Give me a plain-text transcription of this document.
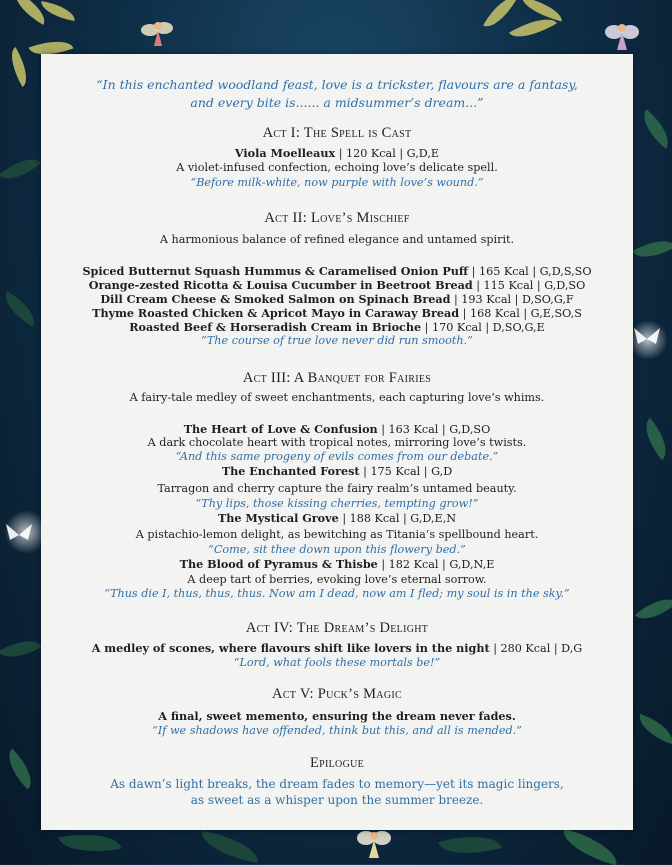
“In this enchanted woodland feast, love is a trickster, flavours are a fantasy,
and every bite is...... a midsummer’s dream...”
Act I: The Spell is Cast
Viola Moelleaux | 120 Kcal | G,D,E
A violet-infused confection, echoing love’s delicate spell.
“Before milk-white, now purple with love’s wound.”
Act II: Love’s Mischief
A harmonious balance of refined elegance and untamed spirit.
Spiced Butternut Squash Hummus & Caramelised Onion Puff | 165 Kcal | G,D,S,SO
Orange-zested Ricotta & Louisa Cucumber in Beetroot Bread | 115 Kcal | G,D,SO
Dill Cream Cheese & Smoked Salmon on Spinach Bread | 193 Kcal | D,SO,G,F
Thyme Roasted Chicken & Apricot Mayo in Caraway Bread | 168 Kcal | G,E,SO,S
Roasted Beef & Horseradish Cream in Brioche | 170 Kcal | D,SO,G,E
“The course of true love never did run smooth.”
Act III: A Banquet for Fairies
A fairy-tale medley of sweet enchantments, each capturing love’s whims.
The Heart of Love & Confusion | 163 Kcal | G,D,SO
A dark chocolate heart with tropical notes, mirroring love’s twists.
“And this same progeny of evils comes from our debate.”
The Enchanted Forest | 175 Kcal | G,D
Tarragon and cherry capture the fairy realm’s untamed beauty.
“Thy lips, those kissing cherries, tempting grow!”
The Mystical Grove | 188 Kcal | G,D,E,N
A pistachio-lemon delight, as bewitching as Titania’s spellbound heart.
“Come, sit thee down upon this flowery bed.”
The Blood of Pyramus & Thisbe | 182 Kcal | G,D,N,E
A deep tart of berries, evoking love’s eternal sorrow.
“Thus die I, thus, thus, thus. Now am I dead, now am I fled; my soul is in the sky.”
Act IV: The Dream’s Delight
A medley of scones, where flavours shift like lovers in the night | 280 Kcal | D,G
“Lord, what fools these mortals be!”
Act V: Puck’s Magic
A final, sweet memento, ensuring the dream never fades.
“If we shadows have offended, think but this, and all is mended.”
Epilogue
As dawn’s light breaks, the dream fades to memory—yet its magic lingers,
as sweet as a whisper upon the summer breeze.
